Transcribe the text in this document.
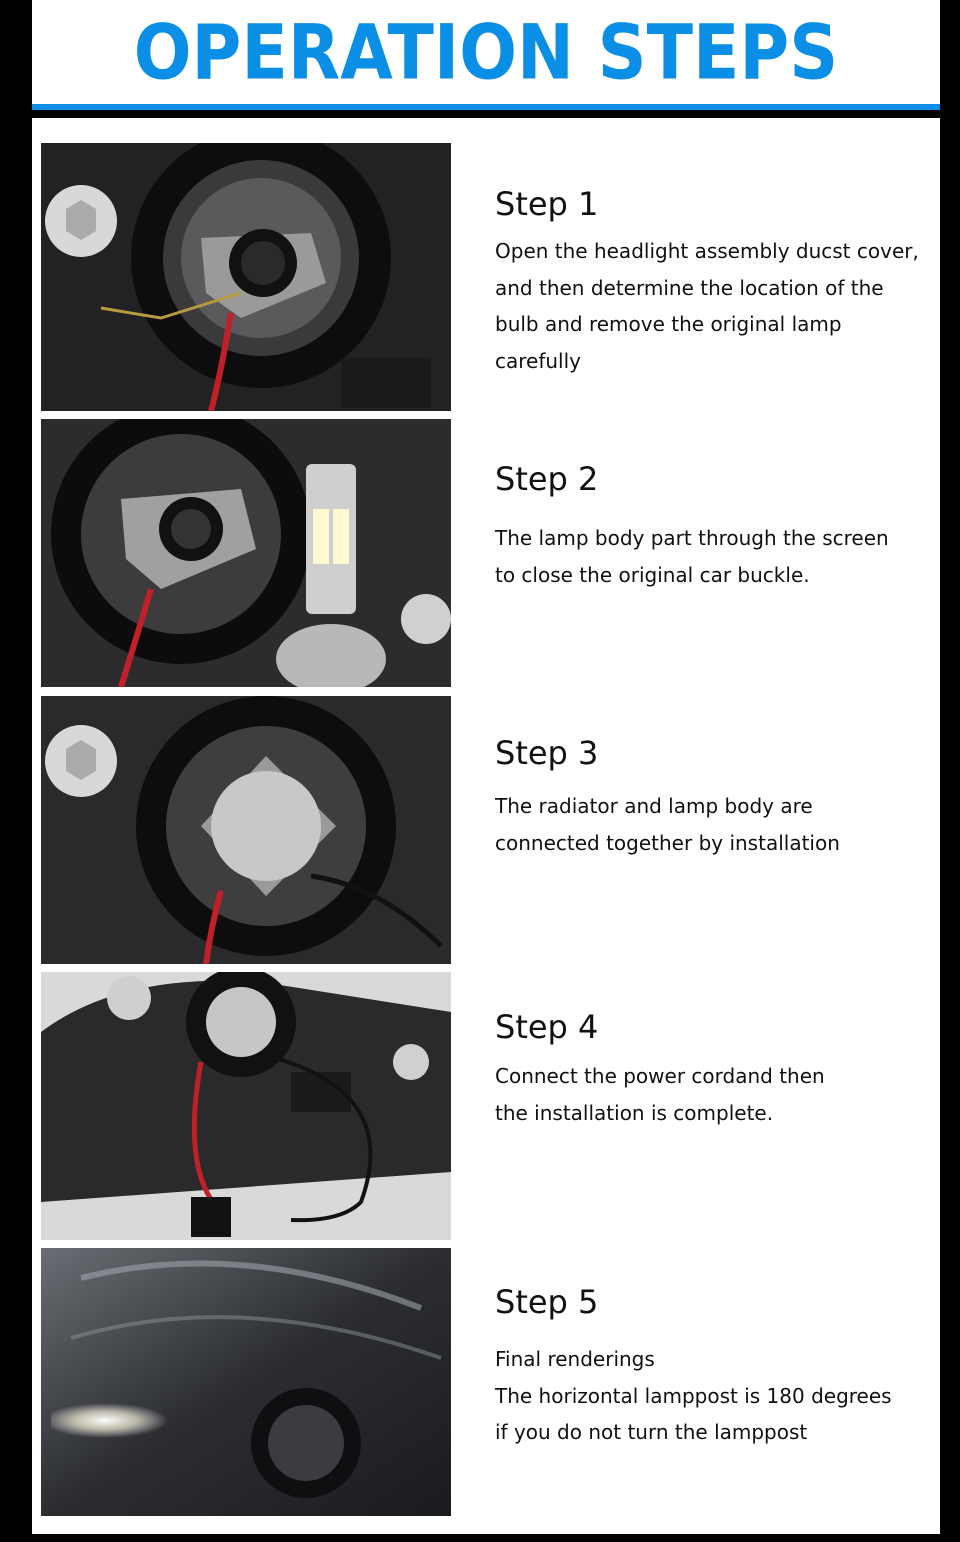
OPERATION STEPS
Step 1
Open the headlight assembly ducst cover,
and then determine the location of the
bulb and remove the original lamp
carefully
Step 2
The lamp body part through the screen
to close the original car buckle.
Step 3
The radiator and lamp body are
connected together by installation
Step 4
Connect the power cordand then
the installation is complete.
Step 5
Final renderings
The horizontal lamppost is 180 degrees
if you do not turn the lamppost
